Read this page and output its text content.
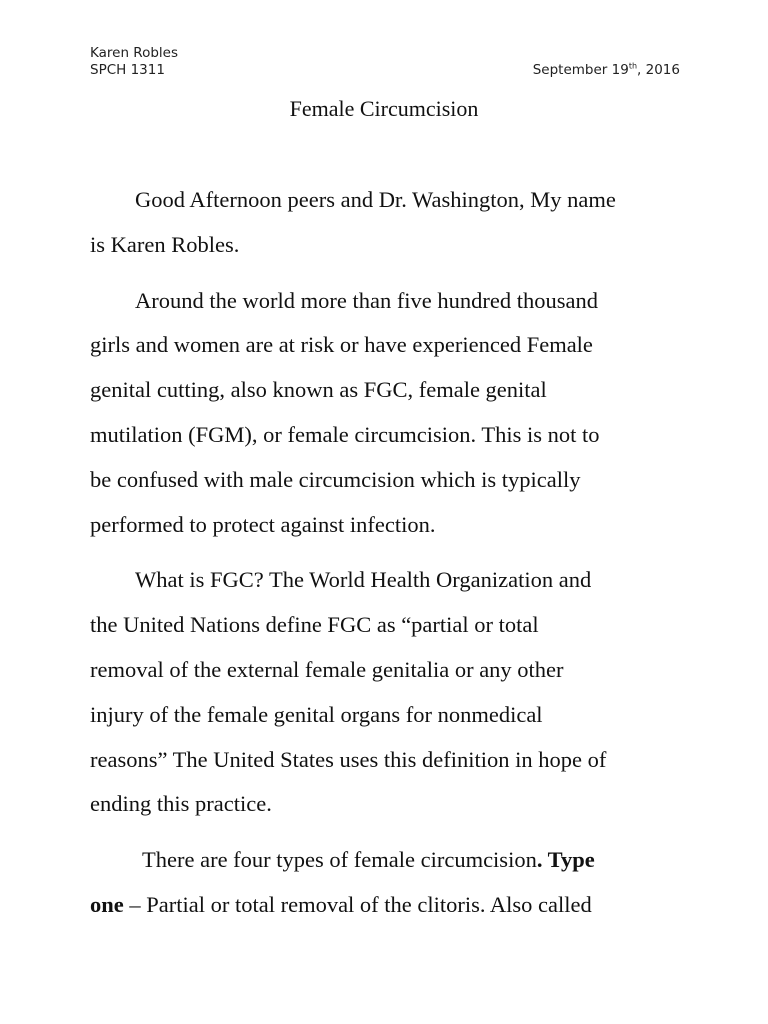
Karen Robles
SPCH 1311	September 19th, 2016
Female Circumcision

Good Afternoon peers and Dr. Washington, My name
is Karen Robles.

Around the world more than five hundred thousand
girls and women are at risk or have experienced Female
genital cutting, also known as FGC, female genital
mutilation (FGM), or female circumcision. This is not to
be confused with male circumcision which is typically
performed to protect against infection.

What is FGC? The World Health Organization and
the United Nations define FGC as “partial or total
removal of the external female genitalia or any other
injury of the female genital organs for nonmedical
reasons” The United States uses this definition in hope of
ending this practice.

There are four types of female circumcision. Type
one – Partial or total removal of the clitoris. Also called
